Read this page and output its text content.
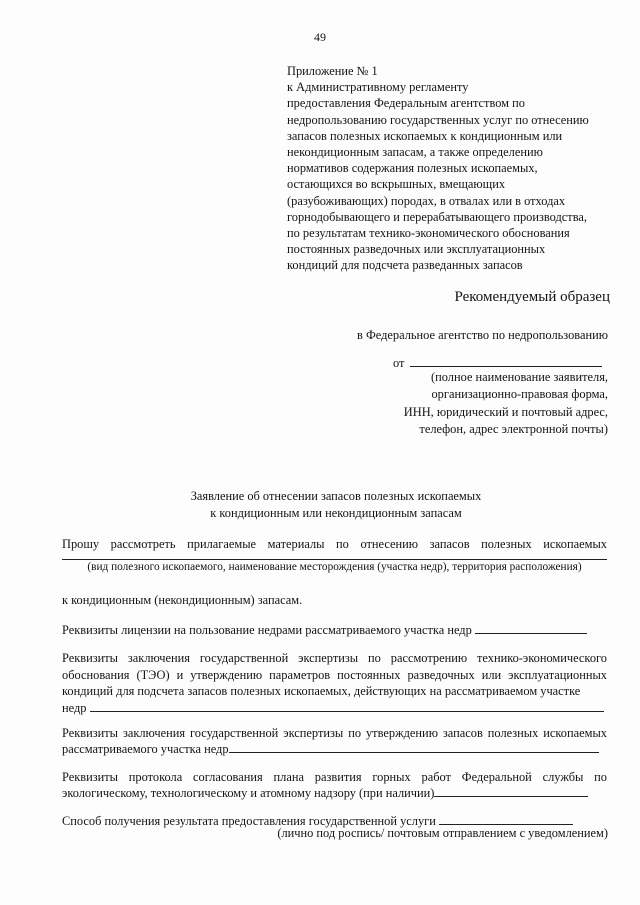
49
Приложение № 1
к Административному регламенту
предоставления Федеральным агентством по
недропользованию государственных услуг по отнесению
запасов полезных ископаемых к кондиционным или
некондиционным запасам, а также определению
нормативов содержания полезных ископаемых,
остающихся во вскрышных, вмещающих
(разубоживающих) породах, в отвалах или в отходах
горнодобывающего и перерабатывающего производства,
по результатам технико-экономического обоснования
постоянных разведочных или эксплуатационных
кондиций для подсчета разведанных запасов
Рекомендуемый образец
в Федеральное агентство по недропользованию
от
(полное наименование заявителя,
организационно-правовая форма,
ИНН, юридический и почтовый адрес,
телефон, адрес электронной почты)
Заявление об отнесении запасов полезных ископаемых
к кондиционным или некондиционным запасам
Прошу рассмотреть прилагаемые материалы по отнесению запасов полезных ископаемых
(вид полезного ископаемого, наименование месторождения (участка недр), территория расположения)
к кондиционным (некондиционным) запасам.
Реквизиты лицензии на пользование недрами рассматриваемого участка недр
Реквизиты заключения государственной экспертизы по рассмотрению технико-экономического обоснования (ТЭО) и утверждению параметров постоянных разведочных или эксплуатационных кондиций для подсчета запасов полезных ископаемых, действующих на рассматриваемом участке
недр
Реквизиты заключения государственной экспертизы по утверждению запасов полезных ископаемых
рассматриваемого участка недр
Реквизиты протокола согласования плана развития горных работ Федеральной службы по
экологическому, технологическому и атомному надзору (при наличии)
Способ получения результата предоставления государственной услуги
(лично под роспись/ почтовым отправлением с уведомлением)
